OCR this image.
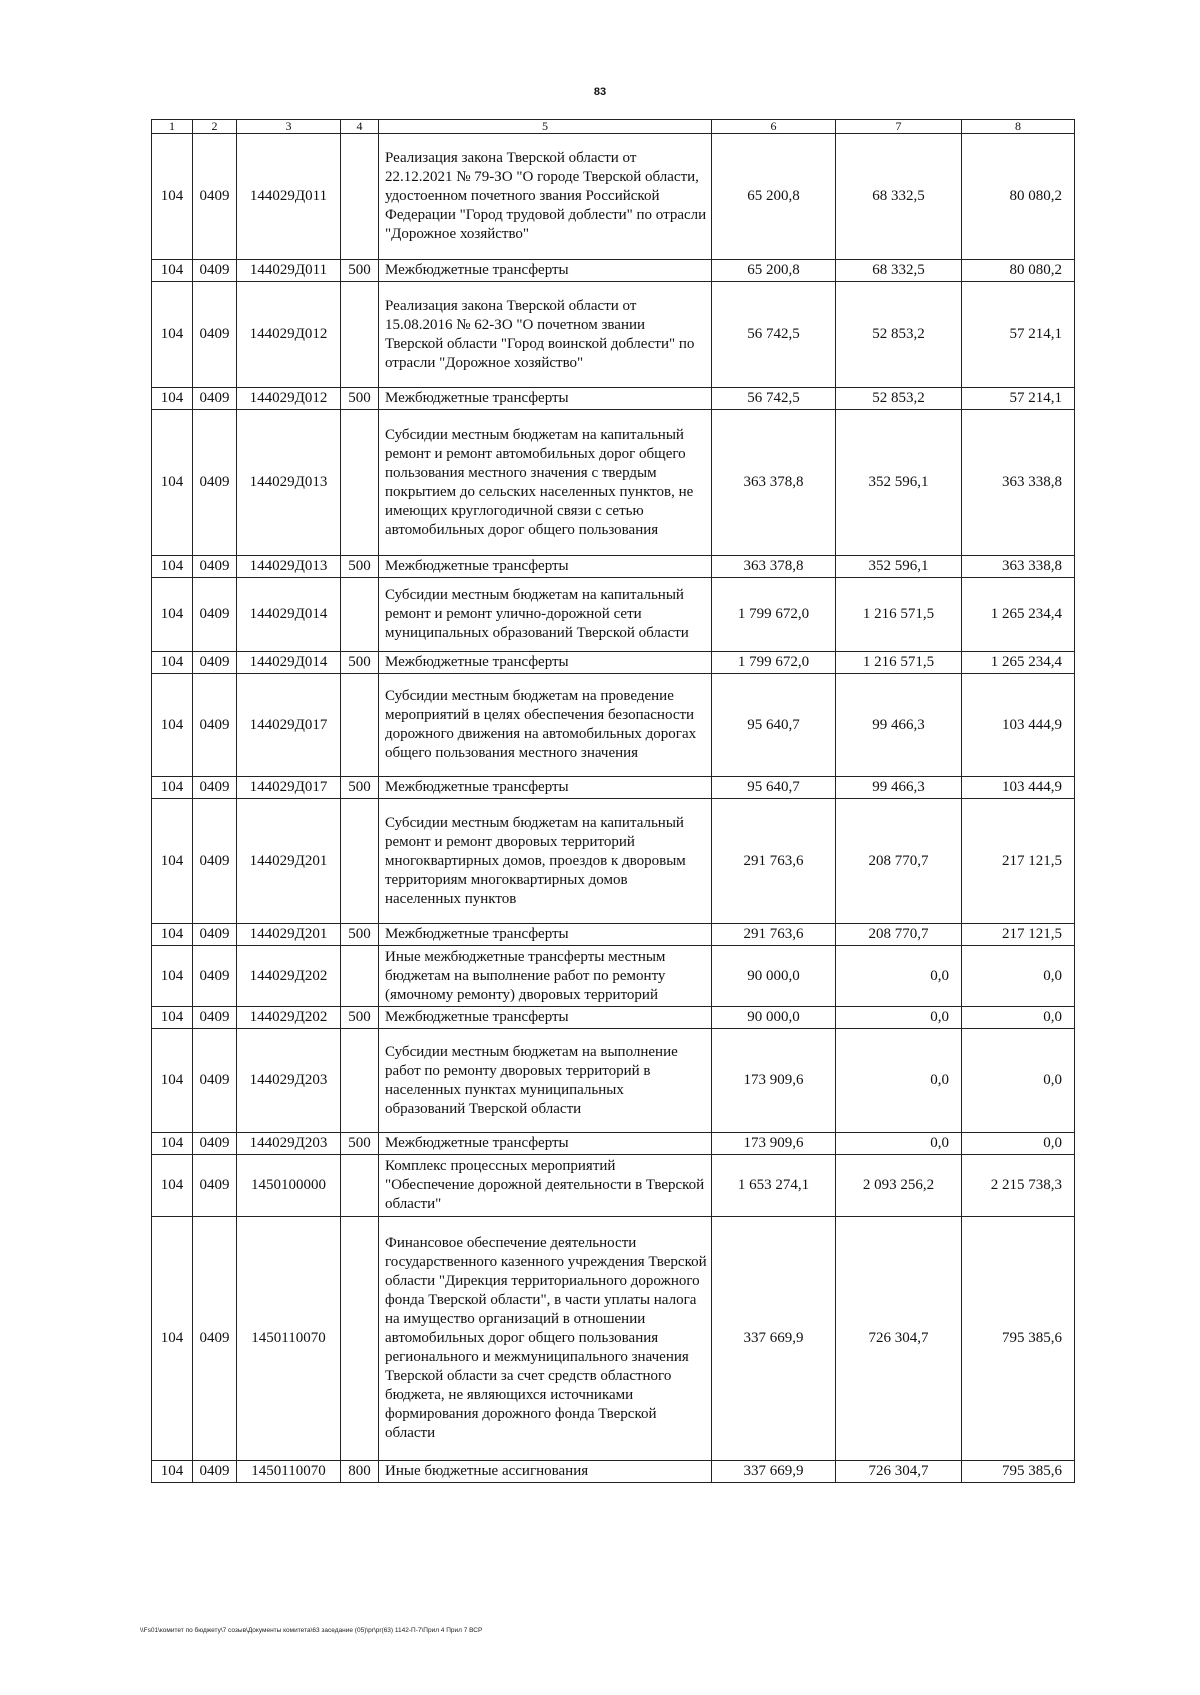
83
1	2	3	4	5	6	7	8
104	0409	144029Д011		Реализация закона Тверской области от 22.12.2021 № 79-ЗО "О городе Тверской области, удостоенном почетного звания Российской Федерации "Город трудовой доблести" по отрасли "Дорожное хозяйство"	65 200,8	68 332,5	80 080,2
104	0409	144029Д011	500	Межбюджетные трансферты	65 200,8	68 332,5	80 080,2
104	0409	144029Д012		Реализация закона Тверской области от 15.08.2016 № 62-ЗО "О почетном звании Тверской области "Город воинской доблести" по отрасли "Дорожное хозяйство"	56 742,5	52 853,2	57 214,1
104	0409	144029Д012	500	Межбюджетные трансферты	56 742,5	52 853,2	57 214,1
104	0409	144029Д013		Субсидии местным бюджетам на капитальный ремонт и ремонт автомобильных дорог общего пользования местного значения с твердым покрытием до сельских населенных пунктов, не имеющих круглогодичной связи с сетью автомобильных дорог общего пользования	363 378,8	352 596,1	363 338,8
104	0409	144029Д013	500	Межбюджетные трансферты	363 378,8	352 596,1	363 338,8
104	0409	144029Д014		Субсидии местным бюджетам на капитальный ремонт и ремонт улично-дорожной сети муниципальных образований Тверской области	1 799 672,0	1 216 571,5	1 265 234,4
104	0409	144029Д014	500	Межбюджетные трансферты	1 799 672,0	1 216 571,5	1 265 234,4
104	0409	144029Д017		Субсидии местным бюджетам на проведение мероприятий в целях обеспечения безопасности дорожного движения на автомобильных дорогах общего пользования местного значения	95 640,7	99 466,3	103 444,9
104	0409	144029Д017	500	Межбюджетные трансферты	95 640,7	99 466,3	103 444,9
104	0409	144029Д201		Субсидии местным бюджетам на капитальный ремонт и ремонт дворовых территорий многоквартирных домов, проездов к дворовым территориям многоквартирных домов населенных пунктов	291 763,6	208 770,7	217 121,5
104	0409	144029Д201	500	Межбюджетные трансферты	291 763,6	208 770,7	217 121,5
104	0409	144029Д202		Иные межбюджетные трансферты местным бюджетам на выполнение работ по ремонту (ямочному ремонту) дворовых территорий	90 000,0	0,0	0,0
104	0409	144029Д202	500	Межбюджетные трансферты	90 000,0	0,0	0,0
104	0409	144029Д203		Субсидии местным бюджетам на выполнение работ по ремонту дворовых территорий в населенных пунктах муниципальных образований Тверской области	173 909,6	0,0	0,0
104	0409	144029Д203	500	Межбюджетные трансферты	173 909,6	0,0	0,0
104	0409	1450100000		Комплекс процессных мероприятий "Обеспечение дорожной деятельности в Тверской области"	1 653 274,1	2 093 256,2	2 215 738,3
104	0409	1450110070		Финансовое обеспечение деятельности государственного казенного учреждения Тверской области "Дирекция территориального дорожного фонда Тверской области", в части уплаты налога на имущество организаций в отношении автомобильных дорог общего пользования регионального и межмуниципального значения Тверской области за счет средств областного бюджета, не являющихся источниками формирования дорожного фонда Тверской области	337 669,9	726 304,7	795 385,6
104	0409	1450110070	800	Иные бюджетные ассигнования	337 669,9	726 304,7	795 385,6
\\Fs01\комитет по бюджету\7 созыв\Документы комитета\63 заседание (05)\pr\pr(63) 1142-П-7\Прил 4 Прил 7 ВСР
